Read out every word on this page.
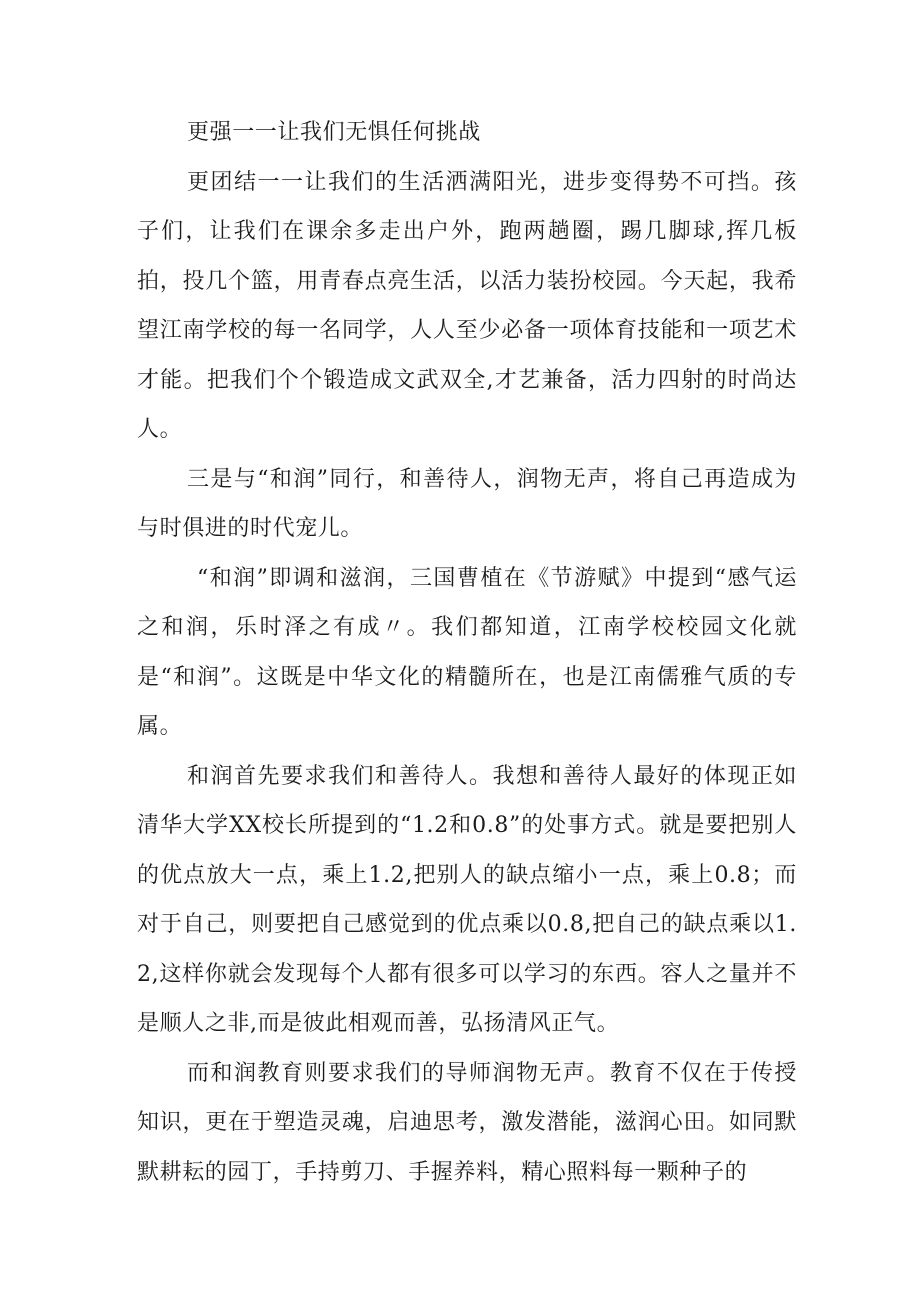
更强一一让我们无惧任何挑战

更团结一一让我们的生活洒满阳光，进步变得势不可挡。孩子们，让我们在课余多走出户外，跑两趟圈，踢几脚球,挥几板拍，投几个篮，用青春点亮生活，以活力装扮校园。今天起，我希望江南学校的每一名同学，人人至少必备一项体育技能和一项艺术才能。把我们个个锻造成文武双全,才艺兼备，活力四射的时尚达人。

三是与“和润”同行，和善待人，润物无声，将自己再造成为与时俱进的时代宠儿。

“和润”即调和滋润，三国曹植在《节游赋》中提到“感气运之和润，乐时泽之有成〃。我们都知道，江南学校校园文化就是“和润”。这既是中华文化的精髓所在，也是江南儒雅气质的专属。

和润首先要求我们和善待人。我想和善待人最好的体现正如清华大学XX校长所提到的“1.2和0.8”的处事方式。就是要把别人的优点放大一点，乘上1.2,把别人的缺点缩小一点，乘上0.8；而对于自己，则要把自己感觉到的优点乘以0.8,把自己的缺点乘以1.2,这样你就会发现每个人都有很多可以学习的东西。容人之量并不是顺人之非,而是彼此相观而善，弘扬清风正气。

而和润教育则要求我们的导师润物无声。教育不仅在于传授知识，更在于塑造灵魂，启迪思考，激发潜能，滋润心田。如同默默耕耘的园丁，手持剪刀、手握养料，精心照料每一颗种子的
